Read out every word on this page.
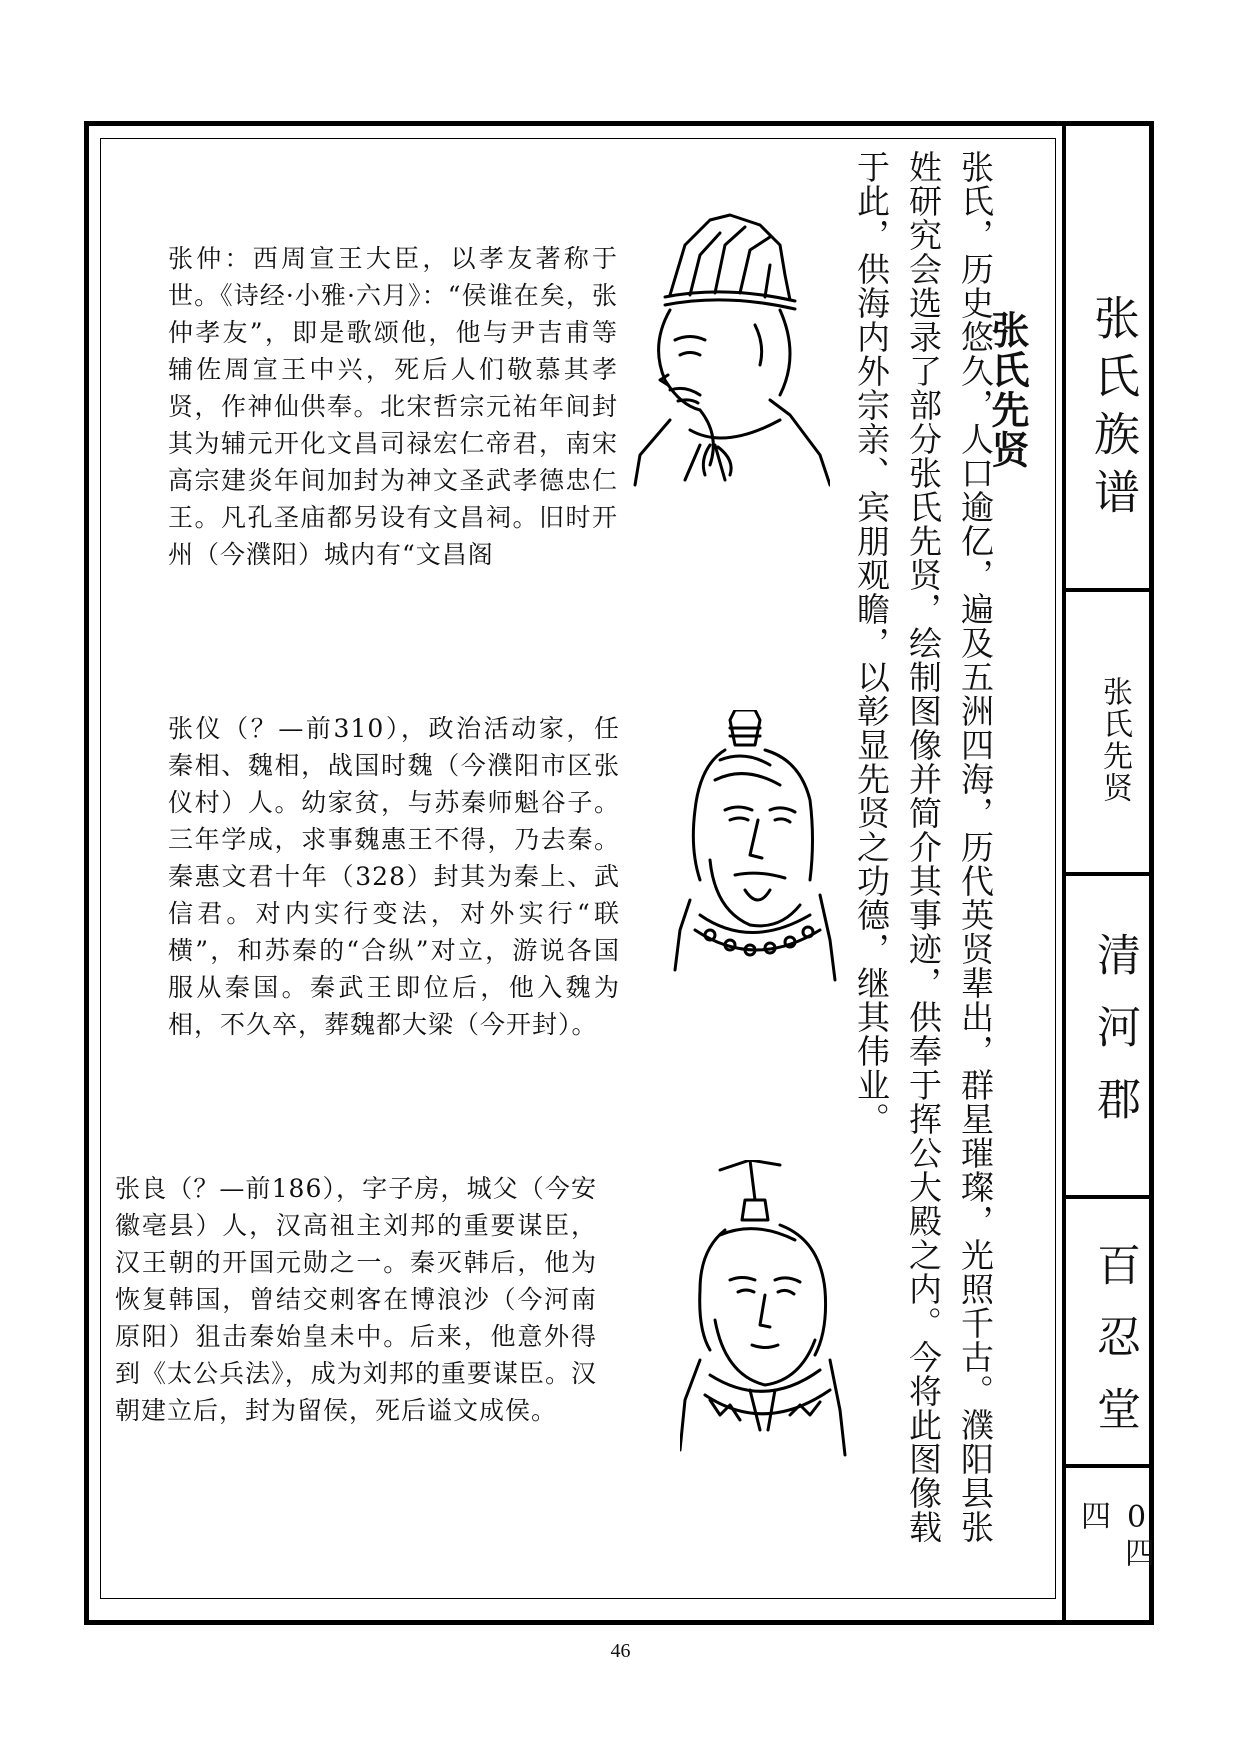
张氏族谱
张氏先贤
清河郡
百忍堂
0四四
张氏先贤

张氏，历史悠久，人口逾亿，遍及五洲四海，历代英贤辈出，群星璀璨，光照千古。濮阳县张姓研究会选录了部分张氏先贤，绘制图像并简介其事迹，供奉于挥公大殿之内。今将此图像载于此，供海内外宗亲、宾朋观瞻，以彰显先贤之功德，继其伟业。

张仲：西周宣王大臣，以孝友著称于世。《诗经·小雅·六月》：“侯谁在矣，张仲孝友”，即是歌颂他，他与尹吉甫等辅佐周宣王中兴，死后人们敬慕其孝贤，作神仙供奉。北宋哲宗元祐年间封其为辅元开化文昌司禄宏仁帝君，南宋高宗建炎年间加封为神文圣武孝德忠仁王。凡孔圣庙都另设有文昌祠。旧时开州（今濮阳）城内有“文昌阁
张仪（？—前310），政治活动家，任秦相、魏相，战国时魏（今濮阳市区张仪村）人。幼家贫，与苏秦师魁谷子。三年学成，求事魏惠王不得，乃去秦。秦惠文君十年（328）封其为秦上、武信君。对内实行变法，对外实行“联横”，和苏秦的“合纵”对立，游说各国服从秦国。秦武王即位后，他入魏为相，不久卒，葬魏都大梁（今开封）。
张良（？—前186），字子房，城父（今安徽亳县）人，汉高祖主刘邦的重要谋臣，汉王朝的开国元勋之一。秦灭韩后，他为恢复韩国，曾结交刺客在博浪沙（今河南原阳）狙击秦始皇未中。后来，他意外得到《太公兵法》，成为刘邦的重要谋臣。汉朝建立后，封为留侯，死后谥文成侯。
46
